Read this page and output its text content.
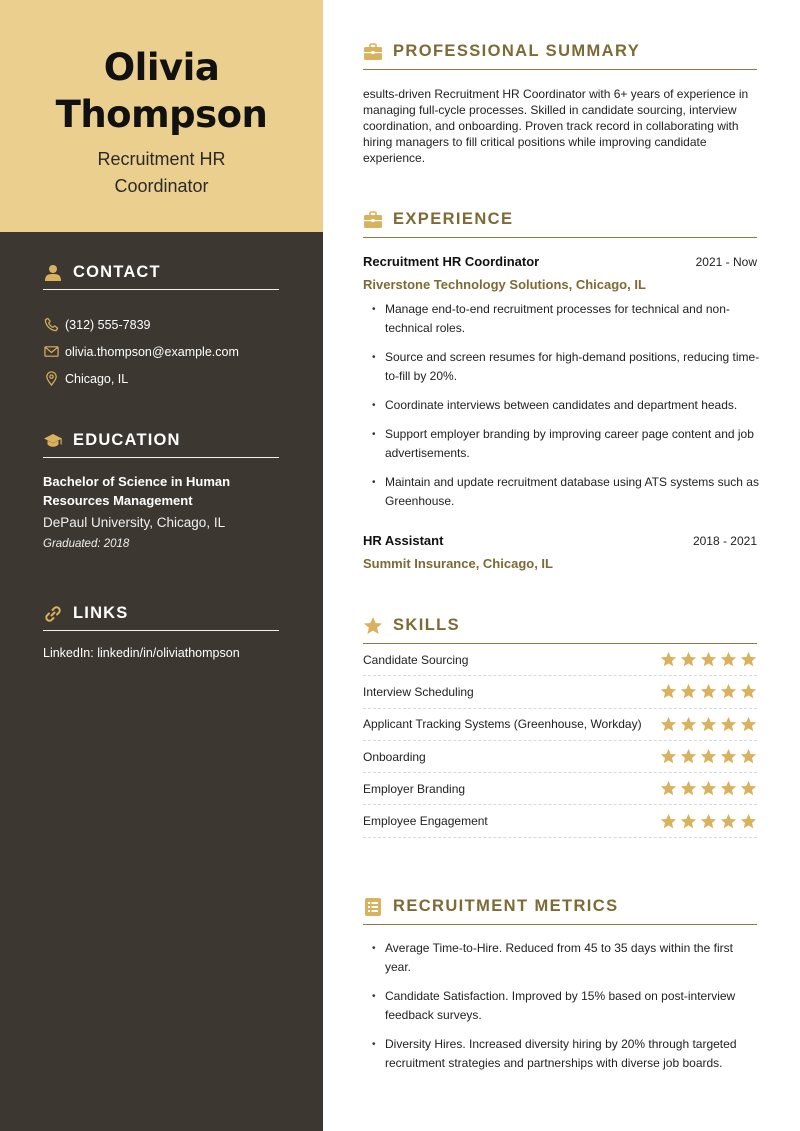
Olivia
Thompson
Recruitment HR Coordinator
CONTACT
(312) 555-7839
olivia.thompson@example.com
Chicago, IL
EDUCATION
Bachelor of Science in Human Resources Management
DePaul University, Chicago, IL
Graduated: 2018
LINKS
LinkedIn: linkedin/in/oliviathompson
PROFESSIONAL SUMMARY
esults-driven Recruitment HR Coordinator with 6+ years of experience in managing full-cycle processes. Skilled in candidate sourcing, interview coordination, and onboarding. Proven track record in collaborating with hiring managers to fill critical positions while improving candidate experience.
EXPERIENCE
Recruitment HR Coordinator	2021 - Now
Riverstone Technology Solutions, Chicago, IL
• Manage end-to-end recruitment processes for technical and non-technical roles.
• Source and screen resumes for high-demand positions, reducing time-to-fill by 20%.
• Coordinate interviews between candidates and department heads.
• Support employer branding by improving career page content and job advertisements.
• Maintain and update recruitment database using ATS systems such as Greenhouse.
HR Assistant	2018 - 2021
Summit Insurance, Chicago, IL
SKILLS
Candidate Sourcing
Interview Scheduling
Applicant Tracking Systems (Greenhouse, Workday)
Onboarding
Employer Branding
Employee Engagement
RECRUITMENT METRICS
• Average Time-to-Hire. Reduced from 45 to 35 days within the first year.
• Candidate Satisfaction. Improved by 15% based on post-interview feedback surveys.
• Diversity Hires. Increased diversity hiring by 20% through targeted recruitment strategies and partnerships with diverse job boards.
